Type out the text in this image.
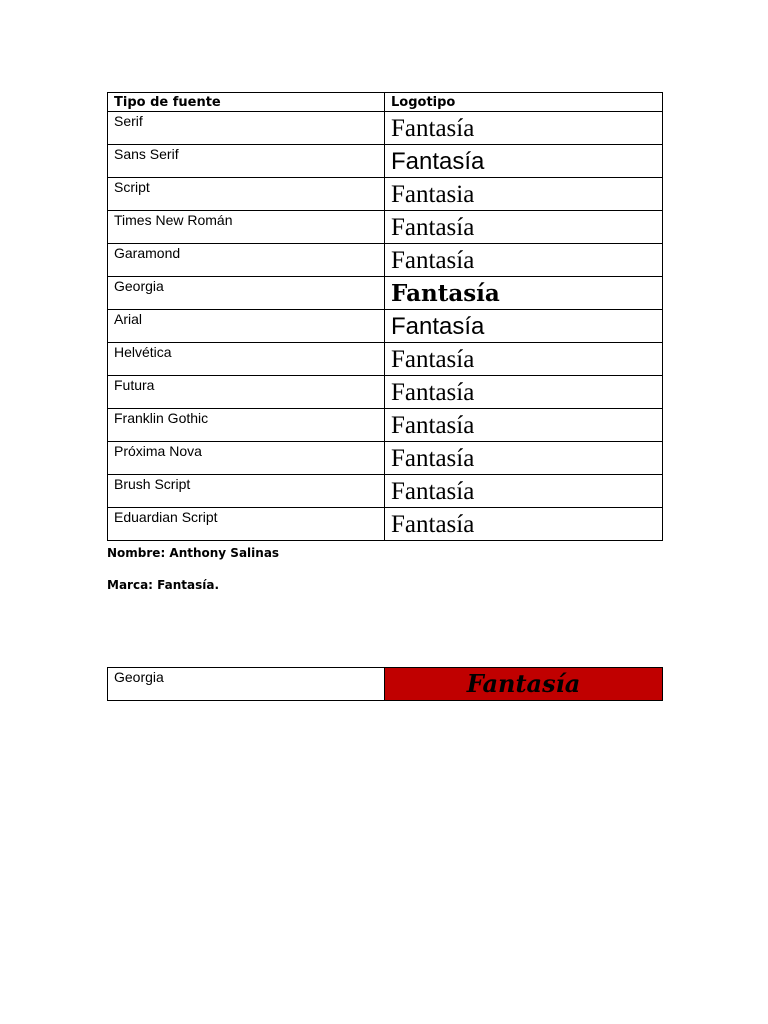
Tipo de fuente	Logotipo

Serif	Fantasía

Sans Serif	Fantasía

Script	Fantasia

Times New Román	Fantasía

Garamond	Fantasía

Georgia	Fantasía

Arial	Fantasía

Helvética	Fantasía

Futura	Fantasía

Franklin Gothic	Fantasía

Próxima Nova	Fantasía

Brush Script	Fantasía

Eduardian Script	Fantasía
Nombre: Anthony Salinas
Marca: Fantasía.
Georgia	Fantasía
